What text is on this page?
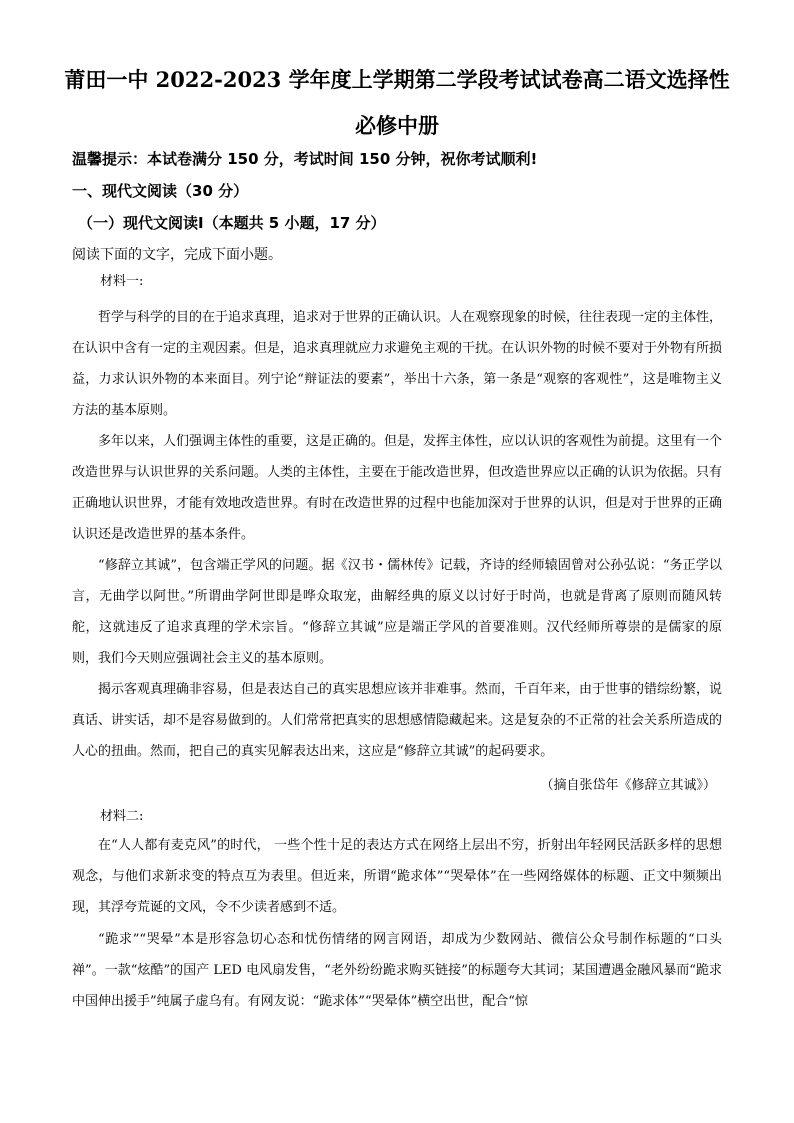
莆田一中 2022-2023 学年度上学期第二学段考试试卷高二语文选择性
必修中册
温馨提示：本试卷满分 150 分，考试时间 150 分钟，祝你考试顺利!
一、现代文阅读（30 分）
（一）现代文阅读Ⅰ（本题共 5 小题，17 分）
阅读下面的文字，完成下面小题。
材料一:
哲学与科学的目的在于追求真理，追求对于世界的正确认识。人在观察现象的时候，往往表现一定的主体性，在认识中含有一定的主观因素。但是，追求真理就应力求避免主观的干扰。在认识外物的时候不要对于外物有所损益，力求认识外物的本来面目。列宁论“辩证法的要素”，举出十六条，第一条是“观察的客观性”，这是唯物主义方法的基本原则。
多年以来，人们强调主体性的重要，这是正确的。但是，发挥主体性，应以认识的客观性为前提。这里有一个改造世界与认识世界的关系问题。人类的主体性，主要在于能改造世界，但改造世界应以正确的认识为依据。只有正确地认识世界，才能有效地改造世界。有时在改造世界的过程中也能加深对于世界的认识，但是对于世界的正确认识还是改造世界的基本条件。
“修辞立其诚”，包含端正学风的问题。据《汉书・儒林传》记载，齐诗的经师辕固曾对公孙弘说：“务正学以言，无曲学以阿世。”所谓曲学阿世即是哗众取宠，曲解经典的原义以讨好于时尚，也就是背离了原则而随风转舵，这就违反了追求真理的学术宗旨。“修辞立其诚”应是端正学风的首要准则。汉代经师所尊崇的是儒家的原则，我们今天则应强调社会主义的基本原则。
揭示客观真理确非容易，但是表达自己的真实思想应该并非难事。然而，千百年来，由于世事的错综纷繁，说真话、讲实话，却不是容易做到的。人们常常把真实的思想感情隐藏起来。这是复杂的不正常的社会关系所造成的人心的扭曲。然而，把自己的真实见解表达出来，这应是“修辞立其诚”的起码要求。
（摘自张岱年《修辞立其诚》）
材料二:
在“人人都有麦克风”的时代， 一些个性十足的表达方式在网络上层出不穷，折射出年轻网民活跃多样的思想观念，与他们求新求变的特点互为表里。但近来，所谓“跪求体”“哭晕体”在一些网络媒体的标题、正文中频频出现，其浮夸荒诞的文风，令不少读者感到不适。
“跪求”“哭晕”本是形容急切心态和忧伤情绪的网言网语，却成为少数网站、微信公众号制作标题的“口头禅”。一款“炫酷”的国产 LED 电风扇发售，“老外纷纷跪求购买链接”的标题夸大其词；某国遭遇金融风暴而“跪求中国伸出援手”纯属子虚乌有。有网友说：“跪求体”“哭晕体”横空出世，配合“惊
